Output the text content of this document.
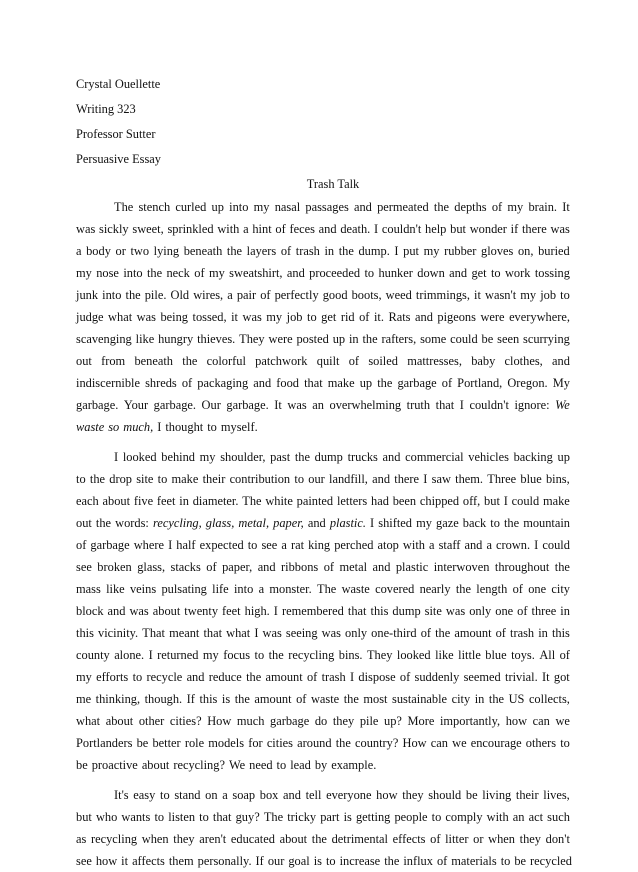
Crystal Ouellette
Writing 323
Professor Sutter
Persuasive Essay
Trash Talk
The stench curled up into my nasal passages and permeated the depths of my brain. It
was sickly sweet, sprinkled with a hint of feces and death. I couldn't help but wonder if there was
a body or two lying beneath the layers of trash in the dump. I put my rubber gloves on, buried
my nose into the neck of my sweatshirt, and proceeded to hunker down and get to work tossing
junk into the pile. Old wires, a pair of perfectly good boots, weed trimmings, it wasn't my job to
judge what was being tossed, it was my job to get rid of it. Rats and pigeons were everywhere,
scavenging like hungry thieves. They were posted up in the rafters, some could be seen scurrying
out from beneath the colorful patchwork quilt of soiled mattresses, baby clothes, and
indiscernible shreds of packaging and food that make up the garbage of Portland, Oregon. My
garbage. Your garbage. Our garbage. It was an overwhelming truth that I couldn't ignore: We
waste so much, I thought to myself.
I looked behind my shoulder, past the dump trucks and commercial vehicles backing up
to the drop site to make their contribution to our landfill, and there I saw them. Three blue bins,
each about five feet in diameter. The white painted letters had been chipped off, but I could make
out the words: recycling, glass, metal, paper, and plastic. I shifted my gaze back to the mountain
of garbage where I half expected to see a rat king perched atop with a staff and a crown. I could
see broken glass, stacks of paper, and ribbons of metal and plastic interwoven throughout the
mass like veins pulsating life into a monster. The waste covered nearly the length of one city
block and was about twenty feet high. I remembered that this dump site was only one of three in
this vicinity. That meant that what I was seeing was only one-third of the amount of trash in this
county alone. I returned my focus to the recycling bins. They looked like little blue toys. All of
my efforts to recycle and reduce the amount of trash I dispose of suddenly seemed trivial. It got
me thinking, though. If this is the amount of waste the most sustainable city in the US collects,
what about other cities? How much garbage do they pile up? More importantly, how can we
Portlanders be better role models for cities around the country? How can we encourage others to
be proactive about recycling? We need to lead by example.
It's easy to stand on a soap box and tell everyone how they should be living their lives,
but who wants to listen to that guy? The tricky part is getting people to comply with an act such
as recycling when they aren't educated about the detrimental effects of litter or when they don't
see how it affects them personally. If our goal is to increase the influx of materials to be recycled
